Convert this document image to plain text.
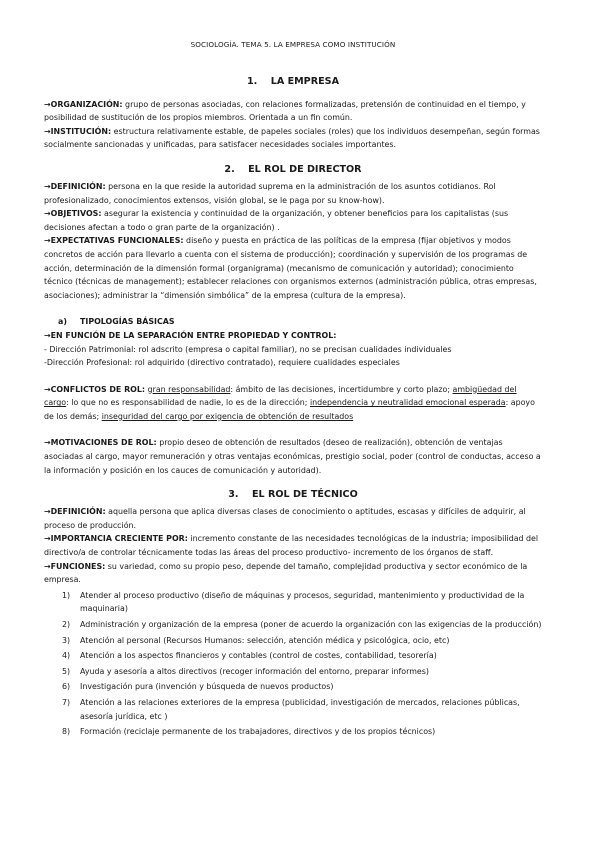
SOCIOLOGÍA. TEMA 5. LA EMPRESA COMO INSTITUCIÓN
1. LA EMPRESA

→ORGANIZACIÓN: grupo de personas asociadas, con relaciones formalizadas, pretensión de continuidad en el tiempo, y posibilidad de sustitución de los propios miembros. Orientada a un fin común.

→INSTITUCIÓN: estructura relativamente estable, de papeles sociales (roles) que los individuos desempeñan, según formas socialmente sancionadas y unificadas, para satisfacer necesidades sociales importantes.

2. EL ROL DE DIRECTOR

→DEFINICIÓN: persona en la que reside la autoridad suprema en la administración de los asuntos cotidianos. Rol profesionalizado, conocimientos extensos, visión global, se le paga por su know-how).

→OBJETIVOS: asegurar la existencia y continuidad de la organización, y obtener beneficios para los capitalistas (sus decisiones afectan a todo o gran parte de la organización) .

→EXPECTATIVAS FUNCIONALES: diseño y puesta en práctica de las políticas de la empresa (fijar objetivos y modos concretos de acción para llevarlo a cuenta con el sistema de producción); coordinación y supervisión de los programas de acción, determinación de la dimensión formal (organigrama) (mecanismo de comunicación y autoridad); conocimiento técnico (técnicas de management); establecer relaciones con organismos externos (administración pública, otras empresas, asociaciones); administrar la “dimensión simbólica” de la empresa (cultura de la empresa).

a) TIPOLOGÍAS BÁSICAS

→EN FUNCIÓN DE LA SEPARACIÓN ENTRE PROPIEDAD Y CONTROL:

- Dirección Patrimonial: rol adscrito (empresa o capital familiar), no se precisan cualidades individuales

-Dirección Profesional: rol adquirido (directivo contratado), requiere cualidades especiales

→CONFLICTOS DE ROL: gran responsabilidad: ámbito de las decisiones, incertidumbre y corto plazo; ambigüedad del cargo: lo que no es responsabilidad de nadie, lo es de la dirección; independencia y neutralidad emocional esperada: apoyo de los demás; inseguridad del cargo por exigencia de obtención de resultados

→MOTIVACIONES DE ROL: propio deseo de obtención de resultados (deseo de realización), obtención de ventajas asociadas al cargo, mayor remuneración y otras ventajas económicas, prestigio social, poder (control de conductas, acceso a la información y posición en los cauces de comunicación y autoridad).

3. EL ROL DE TÉCNICO

→DEFINICIÓN: aquella persona que aplica diversas clases de conocimiento o aptitudes, escasas y difíciles de adquirir, al proceso de producción.

→IMPORTANCIA CRECIENTE POR: incremento constante de las necesidades tecnológicas de la industria; imposibilidad del directivo/a de controlar técnicamente todas las áreas del proceso productivo- incremento de los órganos de staff.

→FUNCIONES: su variedad, como su propio peso, depende del tamaño, complejidad productiva y sector económico de la empresa.

1) Atender al proceso productivo (diseño de máquinas y procesos, seguridad, mantenimiento y productividad de la maquinaria)
2) Administración y organización de la empresa (poner de acuerdo la organización con las exigencias de la producción)
3) Atención al personal (Recursos Humanos: selección, atención médica y psicológica, ocio, etc)
4) Atención a los aspectos financieros y contables (control de costes, contabilidad, tesorería)
5) Ayuda y asesoría a altos directivos (recoger información del entorno, preparar informes)
6) Investigación pura (invención y búsqueda de nuevos productos)
7) Atención a las relaciones exteriores de la empresa (publicidad, investigación de mercados, relaciones públicas, asesoría jurídica, etc )
8) Formación (reciclaje permanente de los trabajadores, directivos y de los propios técnicos)
